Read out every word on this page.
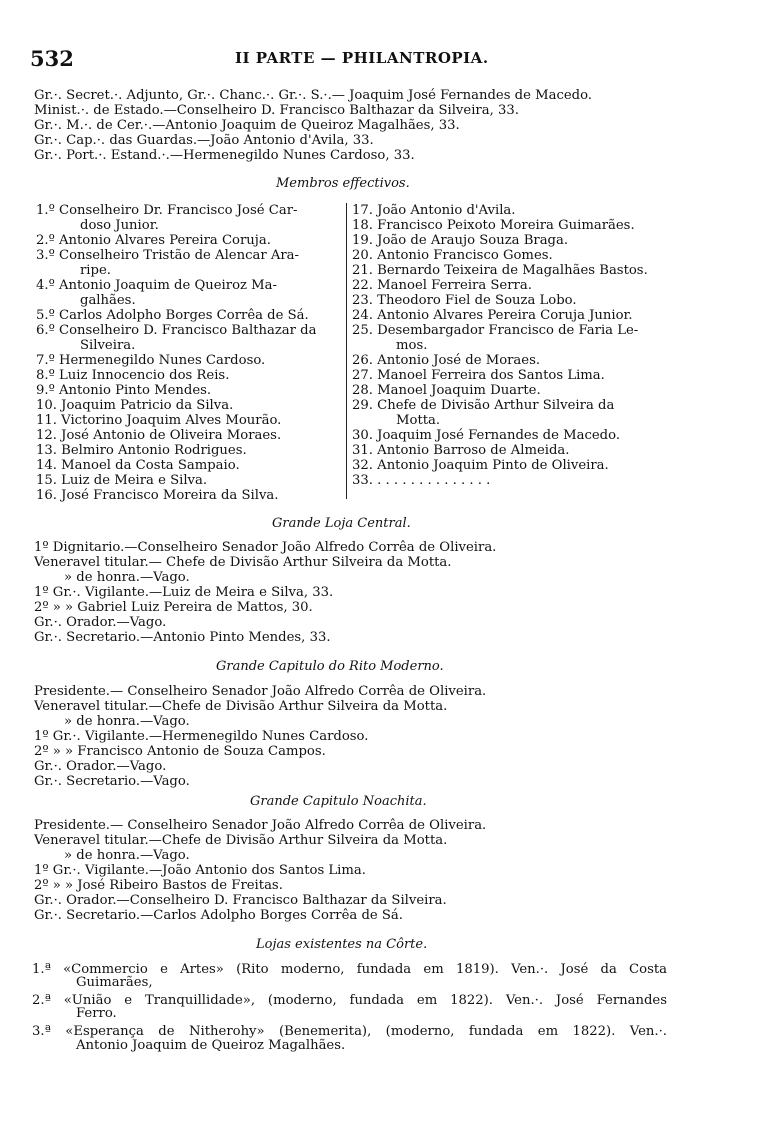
532	II PARTE — PHILANTROPIA.
Gr.·. Secret.·. Adjunto, Gr.·. Chanc.·. Gr.·. S.·.— Joaquim José Fernandes de Macedo.
Minist.·. de Estado.—Conselheiro D. Francisco Balthazar da Silveira, 33.
Gr.·. M.·. de Cer.·.—Antonio Joaquim de Queiroz Magalhães, 33.
Gr.·. Cap.·. das Guardas.—João Antonio d'Avila, 33.
Gr.·. Port.·. Estand.·.—Hermenegildo Nunes Cardoso, 33.
Membros effectivos.
1.º Conselheiro Dr. Francisco José Car-
doso Junior.
2.º Antonio Alvares Pereira Coruja.
3.º Conselheiro Tristão de Alencar Ara-
ripe.
4.º Antonio Joaquim de Queiroz Ma-
galhães.
5.º Carlos Adolpho Borges Corrêa de Sá.
6.º Conselheiro D. Francisco Balthazar da
Silveira.
7.º Hermenegildo Nunes Cardoso.
8.º Luiz Innocencio dos Reis.
9.º Antonio Pinto Mendes.
10. Joaquim Patricio da Silva.
11. Victorino Joaquim Alves Mourão.
12. José Antonio de Oliveira Moraes.
13. Belmiro Antonio Rodrigues.
14. Manoel da Costa Sampaio.
15. Luiz de Meira e Silva.
16. José Francisco Moreira da Silva.
17. João Antonio d'Avila.
18. Francisco Peixoto Moreira Guimarães.
19. João de Araujo Souza Braga.
20. Antonio Francisco Gomes.
21. Bernardo Teixeira de Magalhães Bastos.
22. Manoel Ferreira Serra.
23. Theodoro Fiel de Souza Lobo.
24. Antonio Alvares Pereira Coruja Junior.
25. Desembargador Francisco de Faria Le-
mos.
26. Antonio José de Moraes.
27. Manoel Ferreira dos Santos Lima.
28. Manoel Joaquim Duarte.
29. Chefe de Divisão Arthur Silveira da
Motta.
30. Joaquim José Fernandes de Macedo.
31. Antonio Barroso de Almeida.
32. Antonio Joaquim Pinto de Oliveira.
33. . . . . . . . . . . . . . .
Grande Loja Central.
1º Dignitario.—Conselheiro Senador João Alfredo Corrêa de Oliveira.
Veneravel titular.— Chefe de Divisão Arthur Silveira da Motta.
» de honra.—Vago.
1º Gr.·. Vigilante.—Luiz de Meira e Silva, 33.
2º » » Gabriel Luiz Pereira de Mattos, 30.
Gr.·. Orador.—Vago.
Gr.·. Secretario.—Antonio Pinto Mendes, 33.
Grande Capitulo do Rito Moderno.
Presidente.— Conselheiro Senador João Alfredo Corrêa de Oliveira.
Veneravel titular.—Chefe de Divisão Arthur Silveira da Motta.
» de honra.—Vago.
1º Gr.·. Vigilante.—Hermenegildo Nunes Cardoso.
2º » » Francisco Antonio de Souza Campos.
Gr.·. Orador.—Vago.
Gr.·. Secretario.—Vago.
Grande Capitulo Noachita.
Presidente.— Conselheiro Senador João Alfredo Corrêa de Oliveira.
Veneravel titular.—Chefe de Divisão Arthur Silveira da Motta.
» de honra.—Vago.
1º Gr.·. Vigilante.—João Antonio dos Santos Lima.
2º » » José Ribeiro Bastos de Freitas.
Gr.·. Orador.—Conselheiro D. Francisco Balthazar da Silveira.
Gr.·. Secretario.—Carlos Adolpho Borges Corrêa de Sá.
Lojas existentes na Côrte.
1.ª «Commercio e Artes» (Rito moderno, fundada em 1819). Ven.·. José da Costa
Guimarães,
2.ª «União e Tranquillidade», (moderno, fundada em 1822). Ven.·. José Fernandes
Ferro.
3.ª «Esperança de Nitherohy» (Benemerita), (moderno, fundada em 1822). Ven.·.
Antonio Joaquim de Queiroz Magalhães.
